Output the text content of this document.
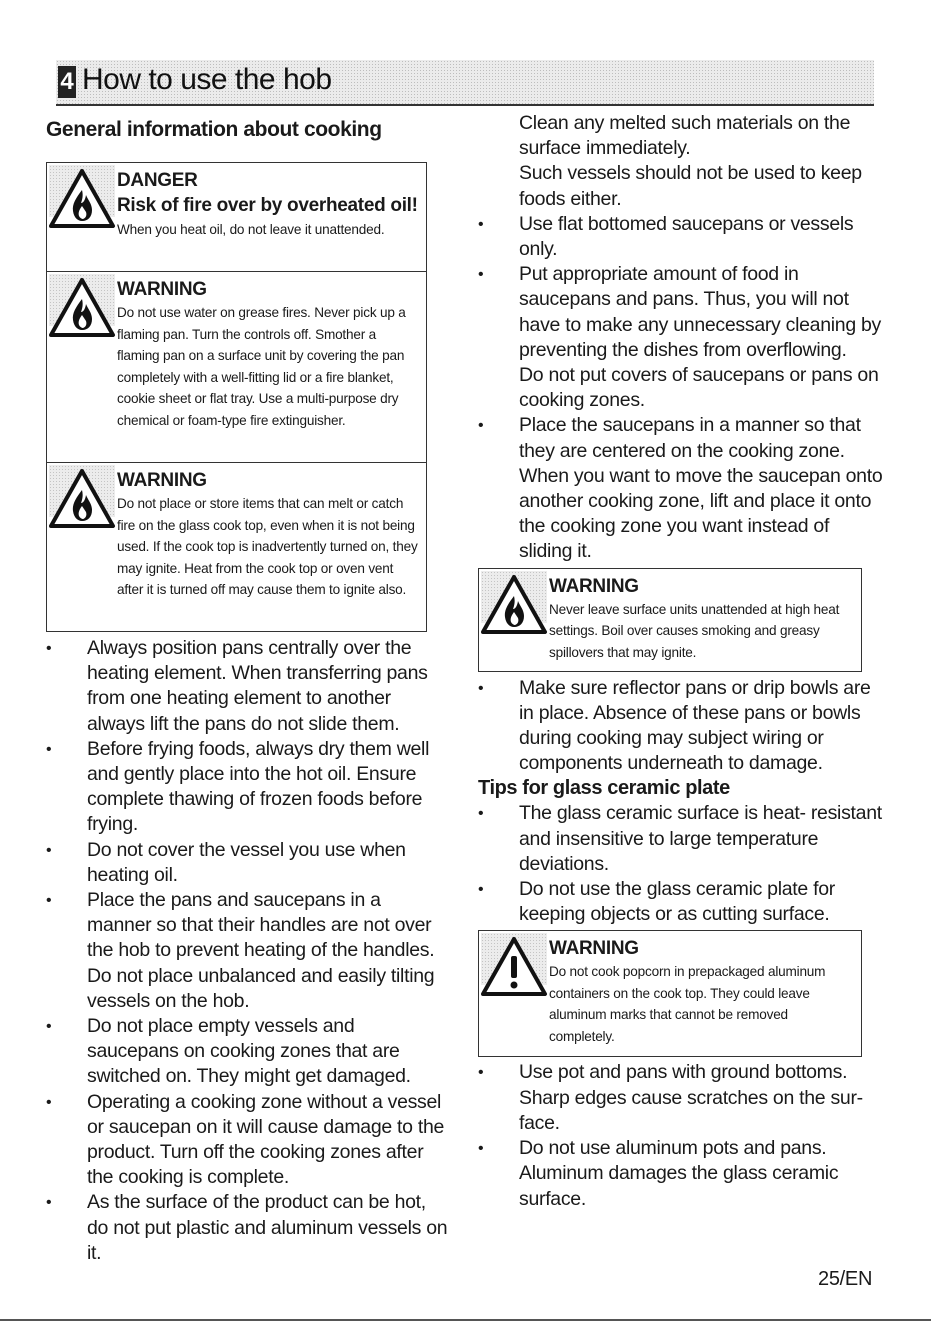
4 How to use the hob
General information about cooking
DANGER
Risk of fire over by overheated oil!
When you heat oil, do not leave it unattended.
WARNING
Do not use water on grease fires. Never pick up a flaming pan. Turn the controls off. Smother a flaming pan on a surface unit by covering the pan completely with a well-fitting lid or a fire blanket, cookie sheet or flat tray. Use a multi-purpose dry chemical or foam-type fire extinguisher.
WARNING
Do not place or store items that can melt or catch fire on the glass cook top, even when it is not being used. If the cook top is inadvertently turned on, they may ignite. Heat from the cook top or oven vent after it is turned off may cause them to ignite also.
• Always position pans centrally over the heating element. When transferring pans from one heating element to another always lift the pans do not slide them.
• Before frying foods, always dry them well and gently place into the hot oil. Ensure complete thawing of frozen foods before frying.
• Do not cover the vessel you use when heating oil.
• Place the pans and saucepans in a manner so that their handles are not over the hob to prevent heating of the handles. Do not place unbalanced and easily tilting vessels on the hob.
• Do not place empty vessels and saucepans on cooking zones that are switched on. They might get damaged.
• Operating a cooking zone without a vessel or saucepan on it will cause damage to the product. Turn off the cooking zones after the cooking is complete.
• As the surface of the product can be hot, do not put plastic and aluminum vessels on it.
Clean any melted such materials on the surface immediately.
Such vessels should not be used to keep foods either.
• Use flat bottomed saucepans or vessels only.
• Put appropriate amount of food in saucepans and pans. Thus, you will not have to make any unnecessary cleaning by preventing the dishes from overflowing.
Do not put covers of saucepans or pans on cooking zones.
• Place the saucepans in a manner so that they are centered on the cooking zone. When you want to move the saucepan onto another cooking zone, lift and place it onto the cooking zone you want instead of sliding it.
WARNING
Never leave surface units unattended at high heat settings. Boil over causes smoking and greasy spillovers that may ignite.
• Make sure reflector pans or drip bowls are in place. Absence of these pans or bowls during cooking may subject wiring or components underneath to damage.
Tips for glass ceramic plate
• The glass ceramic surface is heat- resistant and insensitive to large temperature deviations.
• Do not use the glass ceramic plate for keeping objects or as cutting surface.
WARNING
Do not cook popcorn in prepackaged aluminum containers on the cook top. They could leave aluminum marks that cannot be removed completely.
• Use pot and pans with ground bottoms. Sharp edges cause scratches on the sur-face.
• Do not use aluminum pots and pans. Aluminum damages the glass ceramic surface.
25/EN
